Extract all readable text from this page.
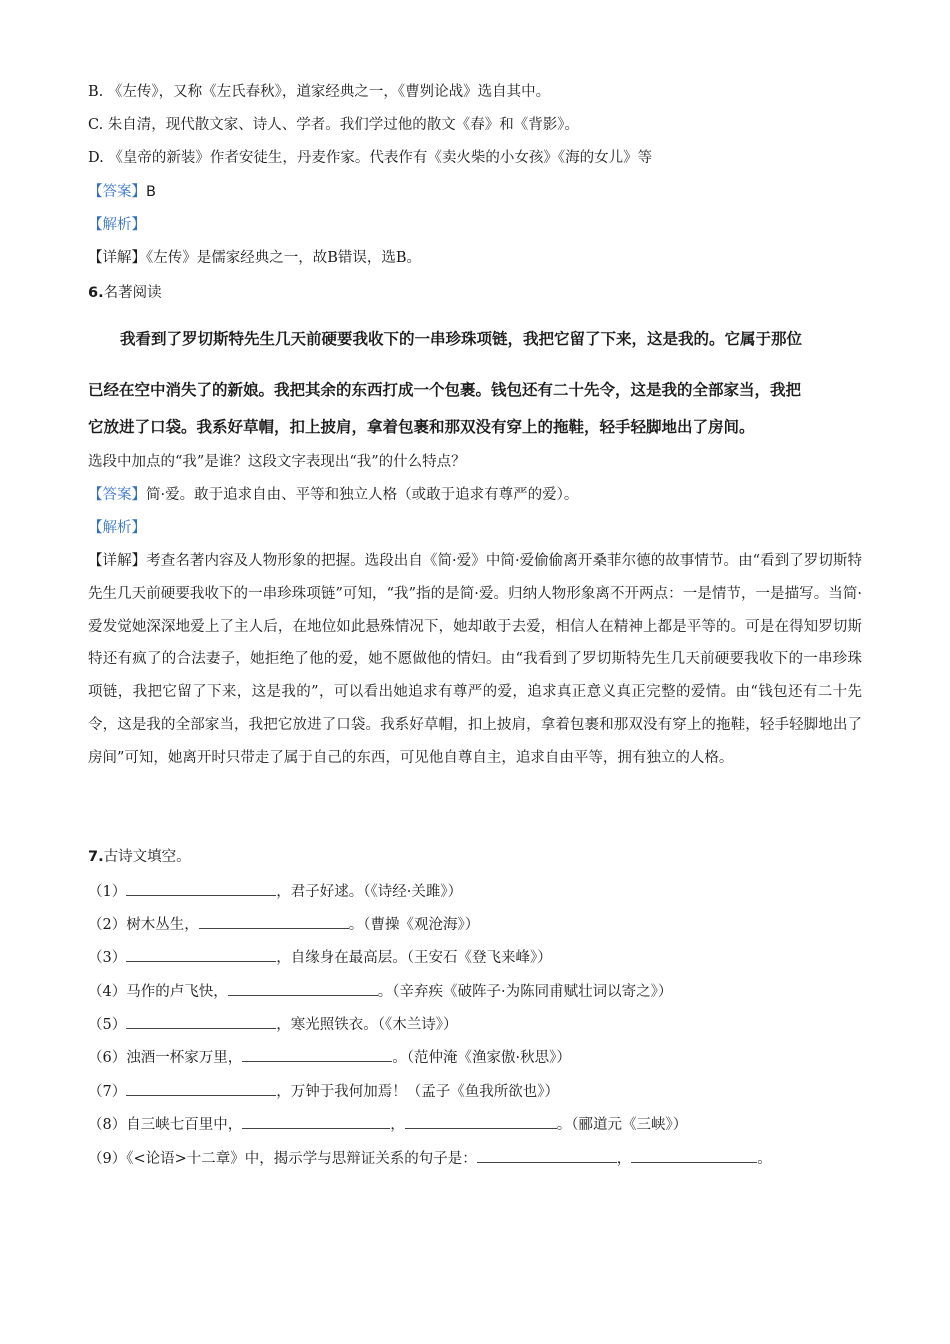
B. 《左传》，又称《左氏春秋》，道家经典之一，《曹刿论战》选自其中。
C. 朱自清，现代散文家、诗人、学者。我们学过他的散文《春》和《背影》。
D. 《皇帝的新装》作者安徒生，丹麦作家。代表作有《卖火柴的小女孩》《海的女儿》等
【答案】B
【解析】
【详解】《左传》是儒家经典之一，故B错误，选B。
6.名著阅读
我看到了罗切斯特先生几天前硬要我收下的一串珍珠项链，我把它留了下来，这是我的。它属于那位
已经在空中消失了的新娘。我把其余的东西打成一个包裹。钱包还有二十先令，这是我的全部家当，我把
它放进了口袋。我系好草帽，扣上披肩，拿着包裹和那双没有穿上的拖鞋，轻手轻脚地出了房间。
选段中加点的“我”是谁？这段文字表现出“我”的什么特点？
【答案】简·爱。敢于追求自由、平等和独立人格（或敢于追求有尊严的爱）。
【解析】
【详解】考查名著内容及人物形象的把握。选段出自《简·爱》中简·爱偷偷离开桑菲尔德的故事情节。由“看到了罗切斯特先生几天前硬要我收下的一串珍珠项链”可知，“我”指的是简·爱。归纳人物形象离不开两点：一是情节，一是描写。当简·爱发觉她深深地爱上了主人后，在地位如此悬殊情况下，她却敢于去爱，相信人在精神上都是平等的。可是在得知罗切斯特还有疯了的合法妻子，她拒绝了他的爱，她不愿做他的情妇。由“我看到了罗切斯特先生几天前硬要我收下的一串珍珠项链，我把它留了下来，这是我的”，可以看出她追求有尊严的爱，追求真正意义真正完整的爱情。由“钱包还有二十先令，这是我的全部家当，我把它放进了口袋。我系好草帽，扣上披肩，拿着包裹和那双没有穿上的拖鞋，轻手轻脚地出了房间”可知，她离开时只带走了属于自己的东西，可见他自尊自主，追求自由平等，拥有独立的人格。
7.古诗文填空。
（1）	，君子好逑。（《诗经·关雎》）
（2）树木丛生，	。（曹操《观沧海》）
（3）	，自缘身在最高层。（王安石《登飞来峰》）
（4）马作的卢飞快，	。（辛弃疾《破阵子·为陈同甫赋壮词以寄之》）
（5）	，寒光照铁衣。（《木兰诗》）
（6）浊酒一杯家万里，	。（范仲淹《渔家傲·秋思》）
（7）	，万钟于我何加焉！（孟子《鱼我所欲也》）
（8）自三峡七百里中，	，	。（郦道元《三峡》）
（9）《<论语>十二章》中，揭示学与思辩证关系的句子是：	，	。
